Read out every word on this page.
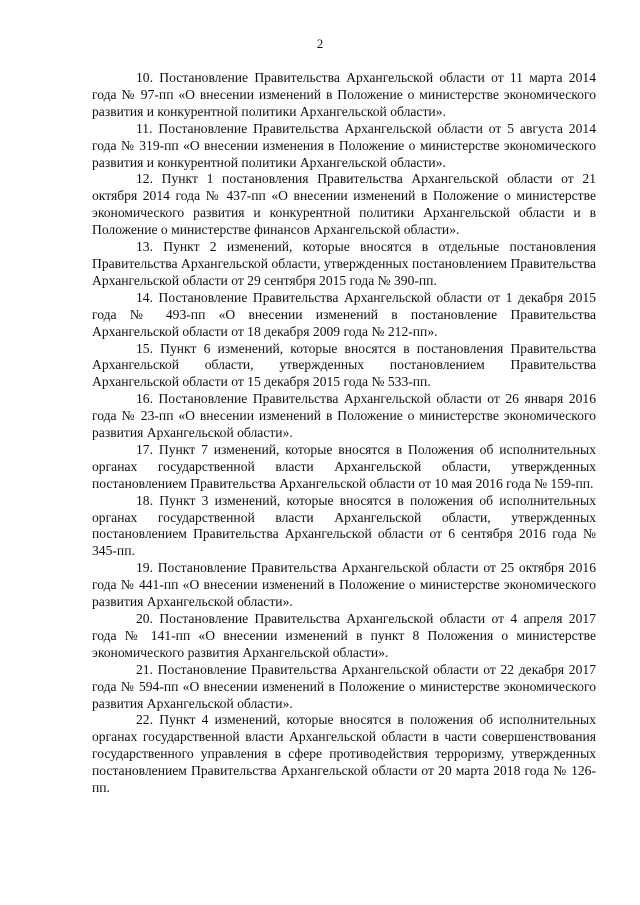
2

10. Постановление Правительства Архангельской области от 11 марта 2014 года № 97-пп «О внесении изменений в Положение о министерстве экономического развития и конкурентной политики Архангельской области».

11. Постановление Правительства Архангельской области от 5 августа 2014 года № 319-пп «О внесении изменения в Положение о министерстве экономического развития и конкурентной политики Архангельской области».

12. Пункт 1 постановления Правительства Архангельской области от 21 октября 2014 года № 437-пп «О внесении изменений в Положение о министерстве экономического развития и конкурентной политики Архангельской области и в Положение о министерстве финансов Архангельской области».

13. Пункт 2 изменений, которые вносятся в отдельные постановления Правительства Архангельской области, утвержденных постановлением Правительства Архангельской области от 29 сентября 2015 года № 390-пп.

14. Постановление Правительства Архангельской области от 1 декабря 2015 года № 493-пп «О внесении изменений в постановление Правительства Архангельской области от 18 декабря 2009 года № 212-пп».

15. Пункт 6 изменений, которые вносятся в постановления Правительства Архангельской области, утвержденных постановлением Правительства Архангельской области от 15 декабря 2015 года № 533-пп.

16. Постановление Правительства Архангельской области от 26 января 2016 года № 23-пп «О внесении изменений в Положение о министерстве экономического развития Архангельской области».

17. Пункт 7 изменений, которые вносятся в Положения об исполнительных органах государственной власти Архангельской области, утвержденных постановлением Правительства Архангельской области от 10 мая 2016 года № 159-пп.

18. Пункт 3 изменений, которые вносятся в положения об исполнительных органах государственной власти Архангельской области, утвержденных постановлением Правительства Архангельской области от 6 сентября 2016 года № 345-пп.

19. Постановление Правительства Архангельской области от 25 октября 2016 года № 441-пп «О внесении изменений в Положение о министерстве экономического развития Архангельской области».

20. Постановление Правительства Архангельской области от 4 апреля 2017 года № 141-пп «О внесении изменений в пункт 8 Положения о министерстве экономического развития Архангельской области».

21. Постановление Правительства Архангельской области от 22 декабря 2017 года № 594-пп «О внесении изменений в Положение о министерстве экономического развития Архангельской области».

22. Пункт 4 изменений, которые вносятся в положения об исполнительных органах государственной власти Архангельской области в части совершенствования государственного управления в сфере противодействия терроризму, утвержденных постановлением Правительства Архангельской области от 20 марта 2018 года № 126-пп.
